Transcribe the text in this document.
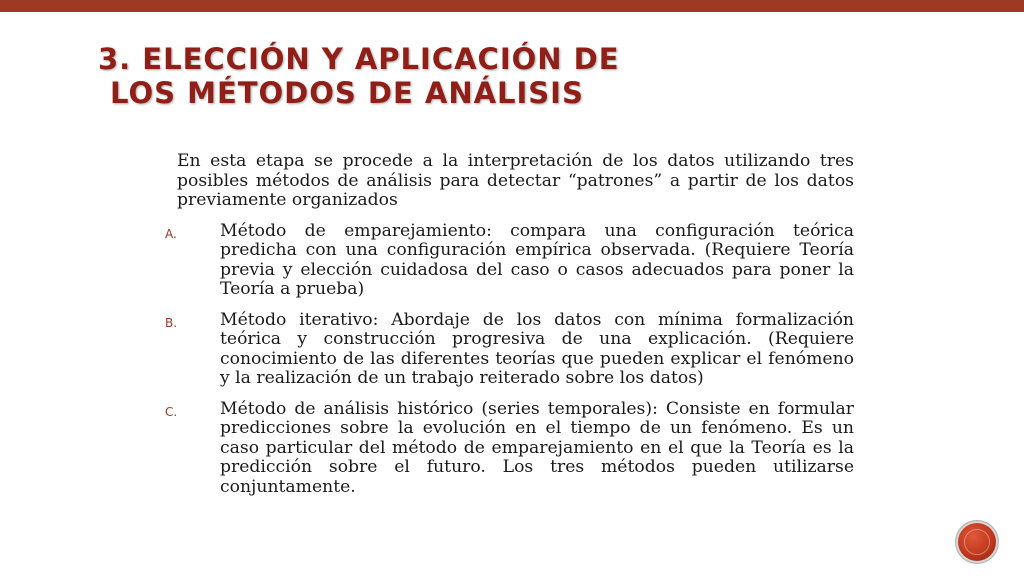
3. ELECCIÓN Y APLICACIÓN DE
LOS MÉTODOS DE ANÁLISIS

En esta etapa se procede a la interpretación de los datos utilizando tres posibles métodos de análisis para detectar “patrones” a partir de los datos previamente organizados

A.	Método de emparejamiento: compara una configuración teórica predicha con una configuración empírica observada. (Requiere Teoría previa y elección cuidadosa del caso o casos adecuados para poner la Teoría a prueba)
B. Método iterativo: Abordaje de los datos con mínima formalización teórica y construcción progresiva de una explicación. (Requiere conocimiento de las diferentes teorías que pueden explicar el fenómeno y la realización de un trabajo reiterado sobre los datos)
C. Método de análisis histórico (series temporales): Consiste en formular predicciones sobre la evolución en el tiempo de un fenómeno. Es un caso particular del método de emparejamiento en el que la Teoría es la predicción sobre el futuro. Los tres métodos pueden utilizarse conjuntamente.
